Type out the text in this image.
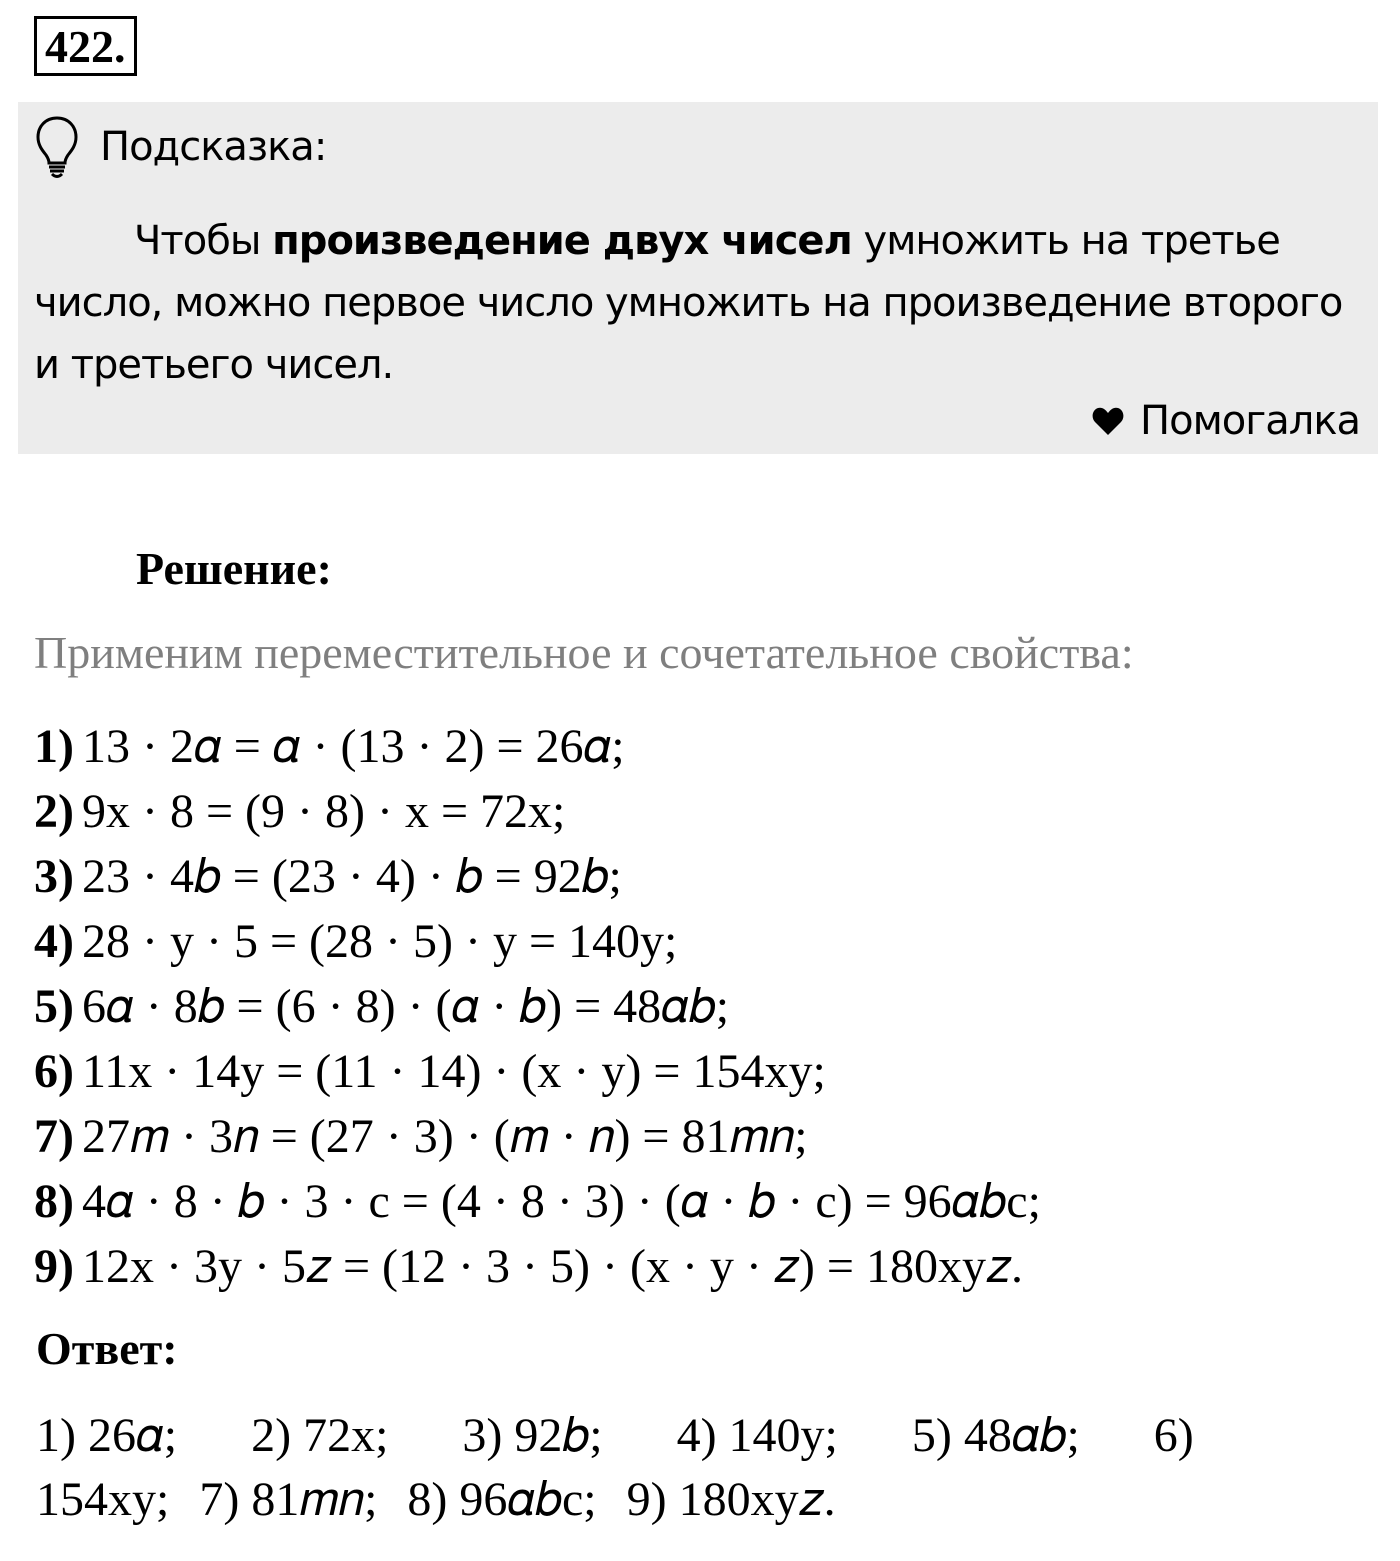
422.
Подсказка:

Чтобы произведение двух чисел умножить на третье число, можно первое число умножить на произведение второго и третьего чисел.

Помогалка
Решение:

Применим переместительное и сочетательное свойства:

1) 13 · 2𝛼 = 𝛼 · (13 · 2) = 26𝛼;
2) 9x · 8 = (9 · 8) · x = 72x;
3) 23 · 4𝑏 = (23 · 4) · 𝑏 = 92𝑏;
4) 28 · y · 5 = (28 · 5) · y = 140y;
5) 6𝛼 · 8𝑏 = (6 · 8) · (𝛼 · 𝑏) = 48𝛼𝑏;
6) 11x · 14y = (11 · 14) · (x · y) = 154xy;
7) 27𝑚 · 3𝑛 = (27 · 3) · (𝑚 · 𝑛) = 81𝑚𝑛;
8) 4𝛼 · 8 · 𝑏 · 3 · c = (4 · 8 · 3) · (𝛼 · 𝑏 · c) = 96𝛼𝑏c;
9) 12x · 3y · 5𝑧 = (12 · 3 · 5) · (x · y · 𝑧) = 180xy𝑧.
Ответ:
1) 26𝛼; 2) 72x; 3) 92𝑏; 4) 140y; 5) 48𝛼𝑏; 6)
154xy; 7) 81𝑚𝑛; 8) 96𝛼𝑏c; 9) 180xy𝑧.
